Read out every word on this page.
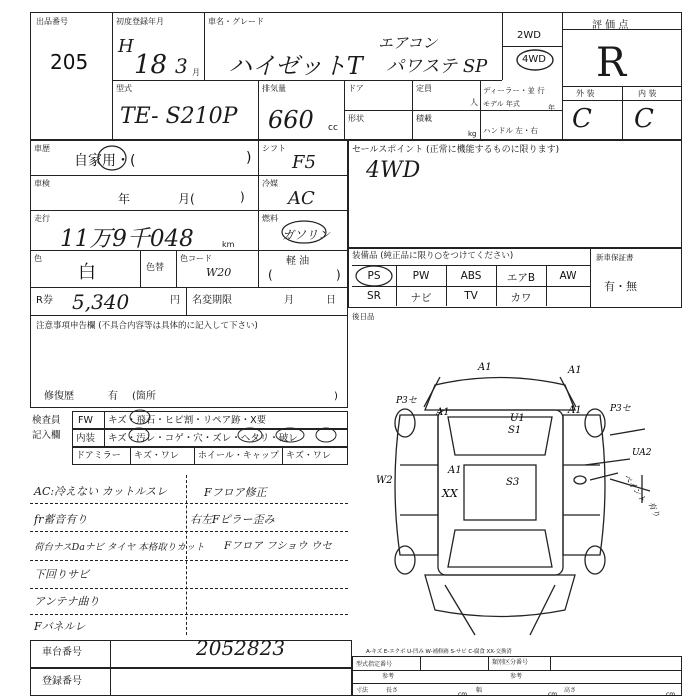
出品番号
205
初度登録年月
H
18 3 月
車名・グレード
ハイゼットT
エアコン
パワステ SP
2WD
4WD
評 価 点
R
型式
TE- S210P
排気量
660 cc
ドア	定員
人
形状	積載
kg
ディーラー・並 行
モデル 年式	年
ハンドル 左・右
外 装	内 装
C C
車歴
自家用・(	)
シフト
F5
車検
年	月(	)
冷媒
AC
走行
11万9千048	km
燃料
ガソリン
色
白	色替
色コード
W20
軽 油
(	)
R券 5,340	円 名変期限	月	日
注意事項申告欄 (不具合内容等は具体的に記入して下さい)
修復歴	有 (箇所	)
セールスポイント (正常に機能するものに限ります)
4WD
装備品 (純正品に限り○をつけてください)	新車保証書
有・無
PS	PW	ABS	エアB	AW
SR	ナビ	TV	カワ
後日品
検査員
記入欄
FW キズ・飛石・ヒビ割・リペア跡・X要
内装 キズ・汚レ・コゲ・穴・ズレ・ヘタリ・破レ
ドアミラー キズ・ワレ ホイール・キャップ キズ・ワレ
AC:冷えない カットルスレ
fr蓄音有り
荷台ナスDaナビ タイヤ 本格取りカット
下回りサビ
アンテナ曲り
Fバネルレ
Fフロア修正
右左Fピラー歪み
Fフロア フショウ ウセ
A1	A1
P3セ
A1	A1	P3セ
U1
S1
A1
W2
XX
S3
UA2
ペイント
有り
車台番号	2052823
登録番号
A-キズ E-エクボ U-凹み W-補修跡 S-サビ C-腐食 XX-交換済
型式指定番号	類別区分番号
参考	参考
寸法	長さ
cm
幅
cm
高さ
cm
